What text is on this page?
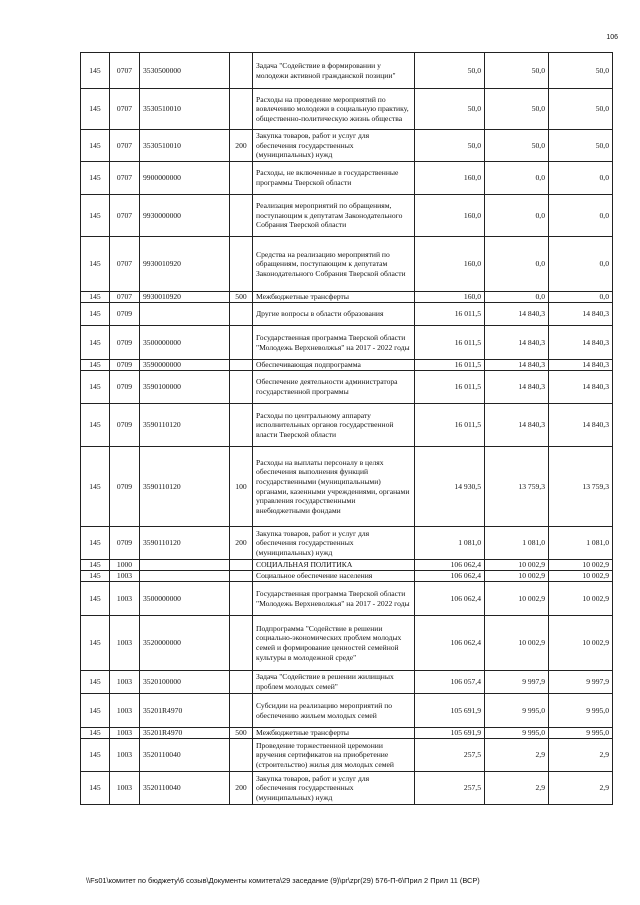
106
145	0707	3530500000		Задача "Содействие в формировании у молодежи активной гражданской позиции"	50,0	50,0	50,0
145	0707	3530510010		Расходы на проведение мероприятий по вовлечению молодежи в социальную практику, общественно-политическую жизнь общества	50,0	50,0	50,0
145	0707	3530510010	200	Закупка товаров, работ и услуг для обеспечения государственных (муниципальных) нужд	50,0	50,0	50,0
145	0707	9900000000		Расходы, не включенные в государственные программы Тверской области	160,0	0,0	0,0
145	0707	9930000000		Реализация мероприятий по обращениям, поступающим к депутатам Законодательного Собрания Тверской области	160,0	0,0	0,0
145	0707	9930010920		Средства на реализацию мероприятий по обращениям, поступающим к депутатам Законодательного Собрания Тверской области	160,0	0,0	0,0
145	0707	9930010920	500	Межбюджетные трансферты	160,0	0,0	0,0
145	0709			Другие вопросы в области образования	16 011,5	14 840,3	14 840,3
145	0709	3500000000		Государственная программа Тверской области "Молодежь Верхневолжья" на 2017 - 2022 годы	16 011,5	14 840,3	14 840,3
145	0709	3590000000		Обеспечивающая подпрограмма	16 011,5	14 840,3	14 840,3
145	0709	3590100000		Обеспечение деятельности администратора государственной программы	16 011,5	14 840,3	14 840,3
145	0709	3590110120		Расходы по центральному аппарату исполнительных органов государственной власти Тверской области	16 011,5	14 840,3	14 840,3
145	0709	3590110120	100	Расходы на выплаты персоналу в целях обеспечения выполнения функций государственными (муниципальными) органами, казенными учреждениями, органами управления государственными внебюджетными фондами	14 930,5	13 759,3	13 759,3
145	0709	3590110120	200	Закупка товаров, работ и услуг для обеспечения государственных (муниципальных) нужд	1 081,0	1 081,0	1 081,0
145	1000			СОЦИАЛЬНАЯ ПОЛИТИКА	106 062,4	10 002,9	10 002,9
145	1003			Социальное обеспечение населения	106 062,4	10 002,9	10 002,9
145	1003	3500000000		Государственная программа Тверской области "Молодежь Верхневолжья" на 2017 - 2022 годы	106 062,4	10 002,9	10 002,9
145	1003	3520000000		Подпрограмма "Содействие в решении социально-экономических проблем молодых семей и формирование ценностей семейной культуры в молодежной среде"	106 062,4	10 002,9	10 002,9
145	1003	3520100000		Задача "Содействие в решении жилищных проблем молодых семей"	106 057,4	9 997,9	9 997,9
145	1003	35201R4970		Субсидии на реализацию мероприятий по обеспечению жильем молодых семей	105 691,9	9 995,0	9 995,0
145	1003	35201R4970	500	Межбюджетные трансферты	105 691,9	9 995,0	9 995,0
145	1003	3520110040		Проведение торжественной церемонии вручения сертификатов на приобретение (строительство) жилья для молодых семей	257,5	2,9	2,9
145	1003	3520110040	200	Закупка товаров, работ и услуг для обеспечения государственных (муниципальных) нужд	257,5	2,9	2,9
\\Fs01\комитет по бюджету\6 созыв\Документы комитета\29 заседание (9)\pr\zpr(29) 576-П-6\Прил 2 Прил 11 (ВСР)
